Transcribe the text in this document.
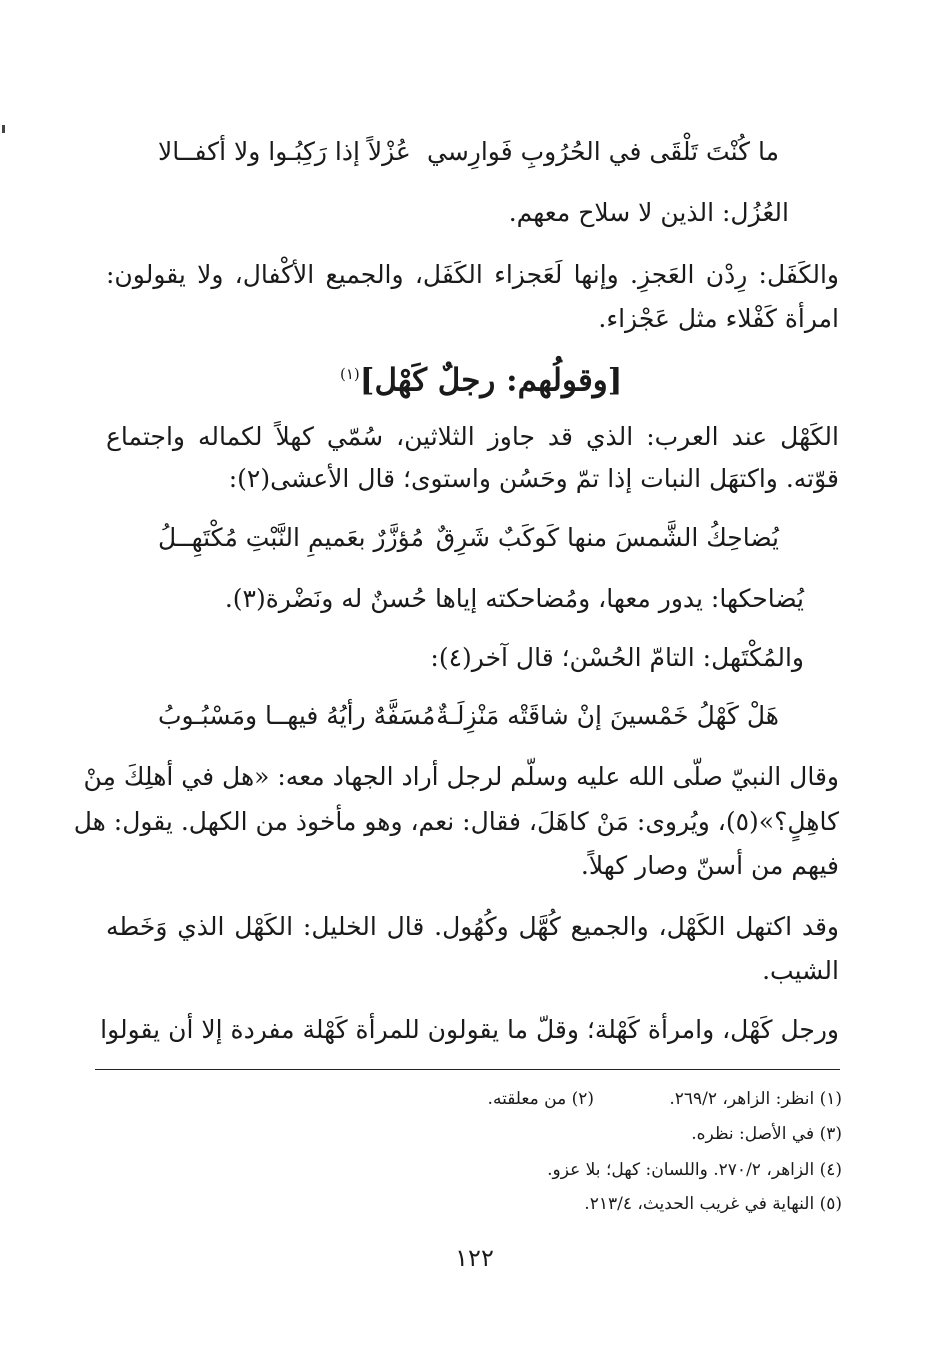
ما كُنْتَ تَلْقَى في الحُرُوبِ فَوارِسي
عُزْلاً إذا رَكِبُـوا ولا أكفــالا
العُزُل: الذين لا سلاح معهم.
والكَفَل: رِدْن العَجزِ. وإنها لَعَجزاء الكَفَل، والجميع الأكْفال، ولا يقولون:
امرأة كَفْلاء مثل عَجْزاء.
[وقولُهم: رجلٌ كَهْل]$^{(١)}$
الكَهْل عند العرب: الذي قد جاوز الثلاثين، سُمّي كهلاً لكماله واجتماع
قوّته. واكتهَل النبات إذا تمّ وحَسُن واستوى؛ قال الأعشى(٢):
يُضاحِكُ الشَّمسَ منها كَوكَبٌ شَرِقٌ
مُؤزَّرٌ بعَميمِ النَّبْتِ مُكْتَهِــلُ
يُضاحكها: يدور معها، ومُضاحكته إياها حُسنٌ له ونَضْرة(٣).
والمُكْتَهل: التامّ الحُسْن؛ قال آخر(٤):
هَلْ كَهْلُ خَمْسينَ إنْ شاقَتْه مَنْزِلَـةٌ
مُسَفَّهٌ رأيُهُ فيهــا ومَسْبُـوبُ
وقال النبيّ صلّى الله عليه وسلّم لرجل أراد الجهاد معه: «هل في أهلِكَ مِنْ
كاهِلٍ؟»(٥)، ويُروى: مَنْ كاهَلَ، فقال: نعم، وهو مأخوذ من الكهل. يقول: هل
فيهم من أسنّ وصار كهلاً.
وقد اكتهل الكَهْل، والجميع كُهَّل وكُهُول. قال الخليل: الكَهْل الذي وَخَطه
الشيب.
ورجل كَهْل، وامرأة كَهْلة؛ وقلّ ما يقولون للمرأة كَهْلة مفردة إلا أن يقولوا
(١) انظر: الزاهر، ٢٦٩/٢.
(٢) من معلقته.
(٣) في الأصل: نظره.
(٤) الزاهر، ٢٧٠/٢. واللسان: كهل؛ بلا عزو.
(٥) النهاية في غريب الحديث، ٢١٣/٤.
١٢٢
